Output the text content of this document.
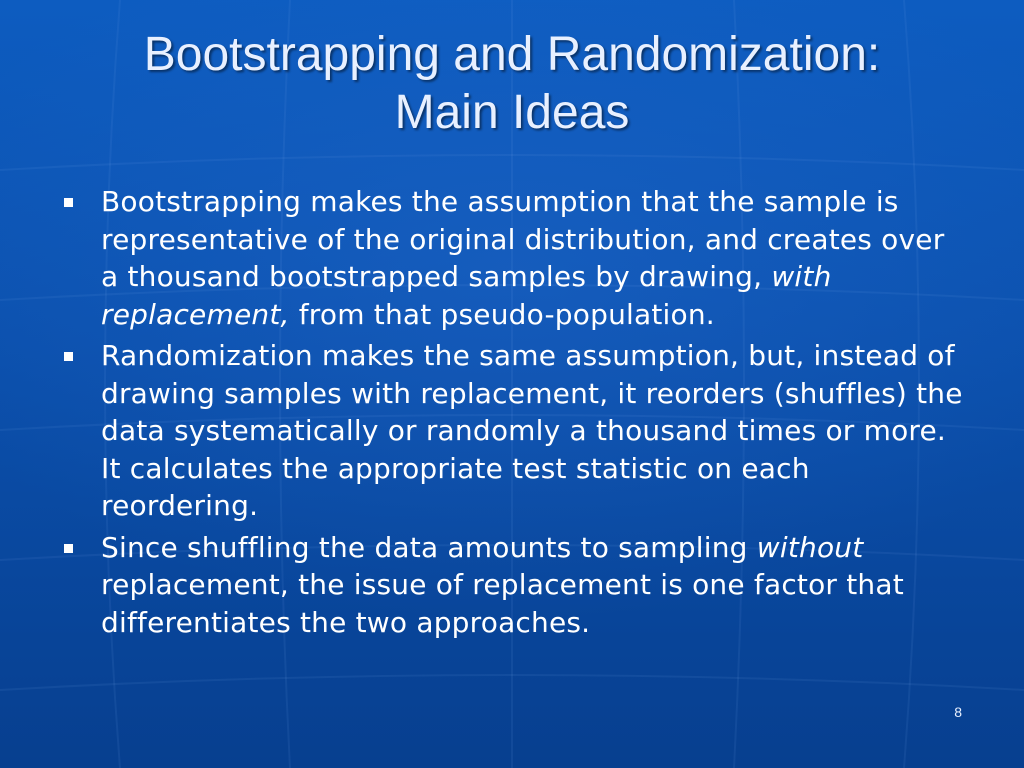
Bootstrapping and Randomization:
Main Ideas
Bootstrapping makes the assumption that the sample is representative of the original distribution, and creates over a thousand bootstrapped samples by drawing, with replacement, from that pseudo-population.
Randomization makes the same assumption, but, instead of drawing samples with replacement, it reorders (shuffles) the data systematically or randomly a thousand times or more. It calculates the appropriate test statistic on each reordering.
Since shuffling the data amounts to sampling without replacement, the issue of replacement is one factor that differentiates the two approaches.
8
